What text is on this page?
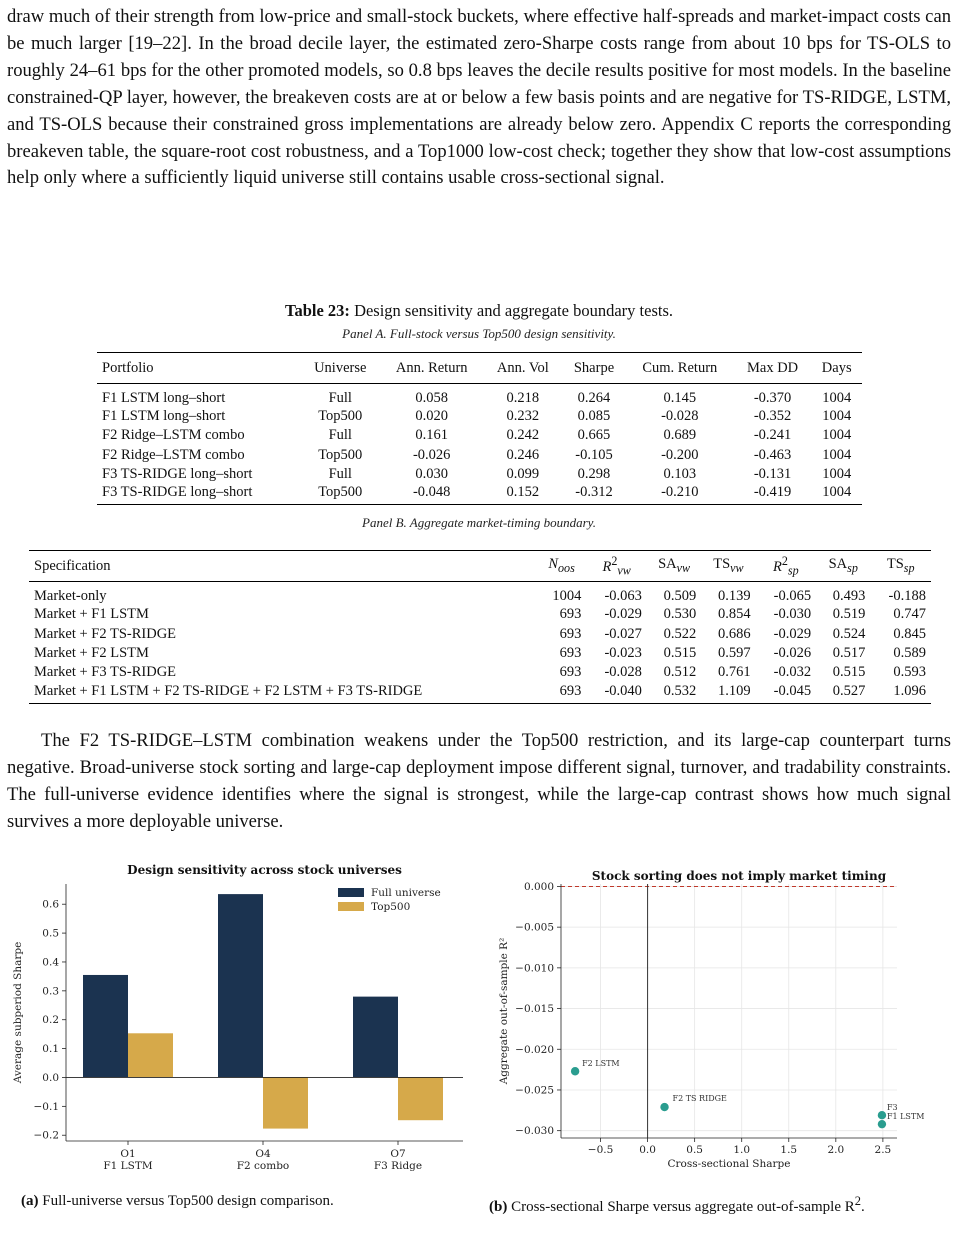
draw much of their strength from low-price and small-stock buckets, where effective half-spreads and market-impact costs can be much larger [19–22]. In the broad decile layer, the estimated zero-Sharpe costs range from about 10 bps for TS-OLS to roughly 24–61 bps for the other promoted models, so 0.8 bps leaves the decile results positive for most models. In the baseline constrained-QP layer, however, the breakeven costs are at or below a few basis points and are negative for TS-RIDGE, LSTM, and TS-OLS because their constrained gross implementations are already below zero. Appendix C reports the corresponding breakeven table, the square-root cost robustness, and a Top1000 low-cost check; together they show that low-cost assumptions help only where a sufficiently liquid universe still contains usable cross-sectional signal.

Table 23: Design sensitivity and aggregate boundary tests.
Panel A. Full-stock versus Top500 design sensitivity.
Portfolio	Universe	Ann. Return	Ann. Vol	Sharpe	Cum. Return	Max DD	Days
F1 LSTM long–short	Full	0.058	0.218	0.264	0.145	-0.370	1004
F1 LSTM long–short	Top500	0.020	0.232	0.085	-0.028	-0.352	1004
F2 Ridge–LSTM combo	Full	0.161	0.242	0.665	0.689	-0.241	1004
F2 Ridge–LSTM combo	Top500	-0.026	0.246	-0.105	-0.200	-0.463	1004
F3 TS-RIDGE long–short	Full	0.030	0.099	0.298	0.103	-0.131	1004
F3 TS-RIDGE long–short	Top500	-0.048	0.152	-0.312	-0.210	-0.419	1004
Panel B. Aggregate market-timing boundary.
Specification	$N_{oos}$	$R^2_{vw}$	$SA_{vw}$	$TS_{vw}$	$R^2_{sp}$	$SA_{sp}$	$TS_{sp}$
Market-only	1004	-0.063	0.509	0.139	-0.065	0.493	-0.188
Market + F1 LSTM	693	-0.029	0.530	0.854	-0.030	0.519	0.747
Market + F2 TS-RIDGE	693	-0.027	0.522	0.686	-0.029	0.524	0.845
Market + F2 LSTM	693	-0.023	0.515	0.597	-0.026	0.517	0.589
Market + F3 TS-RIDGE	693	-0.028	0.512	0.761	-0.032	0.515	0.593
Market + F1 LSTM + F2 TS-RIDGE + F2 LSTM + F3 TS-RIDGE	693	-0.040	0.532	1.109	-0.045	0.527	1.096

The F2 TS-RIDGE–LSTM combination weakens under the Top500 restriction, and its large-cap counterpart turns negative. Broad-universe stock sorting and large-cap deployment impose different signal, turnover, and tradability constraints. The full-universe evidence identifies where the signal is strongest, while the large-cap contrast shows how much signal survives a more deployable universe.

Design sensitivity across stock universes
−0.2
−0.1
0.0
0.1
0.2
0.3
0.4
0.5
0.6
O1
F1 LSTM
O4
F2 combo
O7
F3 Ridge
Average subperiod Sharpe
Full universe
Top500
Stock sorting does not imply market timing
−0.5 0.0	0.5	1.0	1.5	2.0	2.5
0.000
−0.005
−0.010
−0.015
−0.020
−0.025
−0.030
Cross-sectional Sharpe
Aggregate out-of-sample R²	F2 LSTM
F2 TS RIDGE
F3
F1 LSTM
(a) Full-universe versus Top500 design comparison.	(b) Cross-sectional Sharpe versus aggregate out-of-sample $R^2$.
